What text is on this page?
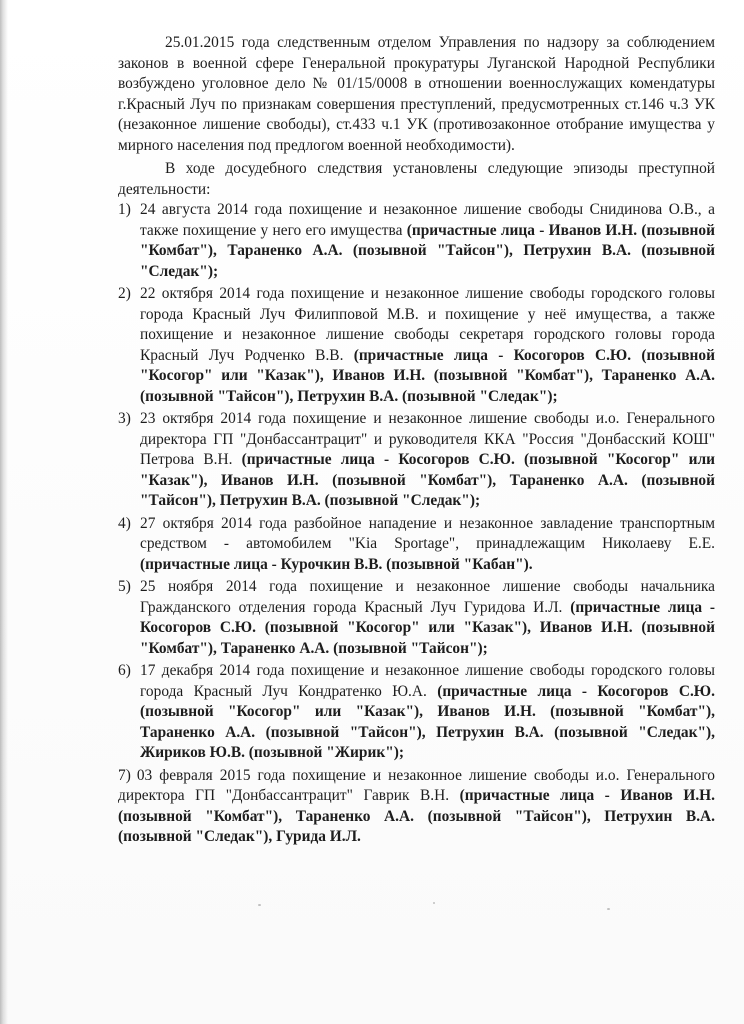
25.01.2015 года следственным отделом Управления по надзору за соблюдением законов в военной сфере Генеральной прокуратуры Луганской Народной Республики возбуждено уголовное дело № 01/15/0008 в отношении военнослужащих комендатуры г.Красный Луч по признакам совершения преступлений, предусмотренных ст.146 ч.3 УК (незаконное лишение свободы), ст.433 ч.1 УК (противозаконное отобрание имущества у мирного населения под предлогом военной необходимости).

В ходе досудебного следствия установлены следующие эпизоды преступной деятельности:

1) 24 августа 2014 года похищение и незаконное лишение свободы Снидинова О.В., а также похищение у него его имущества (причастные лица - Иванов И.Н. (позывной "Комбат"), Тараненко А.А. (позывной "Тайсон"), Петрухин В.А. (позывной "Следак");
2) 22 октября 2014 года похищение и незаконное лишение свободы городского головы города Красный Луч Филипповой М.В. и похищение у неё имущества, а также похищение и незаконное лишение свободы секретаря городского головы города Красный Луч Родченко В.В. (причастные лица - Косогоров С.Ю. (позывной "Косогор" или "Казак"), Иванов И.Н. (позывной "Комбат"), Тараненко А.А. (позывной "Тайсон"), Петрухин В.А. (позывной "Следак");
3) 23 октября 2014 года похищение и незаконное лишение свободы и.о. Генерального директора ГП "Донбассантрацит" и руководителя ККА "Россия "Донбасский КОШ" Петрова В.Н. (причастные лица - Косогоров С.Ю. (позывной "Косогор" или "Казак"), Иванов И.Н. (позывной "Комбат"), Тараненко А.А. (позывной "Тайсон"), Петрухин В.А. (позывной "Следак");
4) 27 октября 2014 года разбойное нападение и незаконное завладение транспортным средством - автомобилем "Kia Sportage", принадлежащим Николаеву Е.Е. (причастные лица - Курочкин В.В. (позывной "Кабан").
5) 25 ноября 2014 года похищение и незаконное лишение свободы начальника Гражданского отделения города Красный Луч Гуридова И.Л. (причастные лица - Косогоров С.Ю. (позывной "Косогор" или "Казак"), Иванов И.Н. (позывной "Комбат"), Тараненко А.А. (позывной "Тайсон");
6) 17 декабря 2014 года похищение и незаконное лишение свободы городского головы города Красный Луч Кондратенко Ю.А. (причастные лица - Косогоров С.Ю. (позывной "Косогор" или "Казак"), Иванов И.Н. (позывной "Комбат"), Тараненко А.А. (позывной "Тайсон"), Петрухин В.А. (позывной "Следак"), Жириков Ю.В. (позывной "Жирик");
7) 03 февраля 2015 года похищение и незаконное лишение свободы и.о. Генерального директора ГП "Донбассантрацит" Гаврик В.Н. (причастные лица - Иванов И.Н. (позывной "Комбат"), Тараненко А.А. (позывной "Тайсон"), Петрухин В.А. (позывной "Следак"), Гурида И.Л.
